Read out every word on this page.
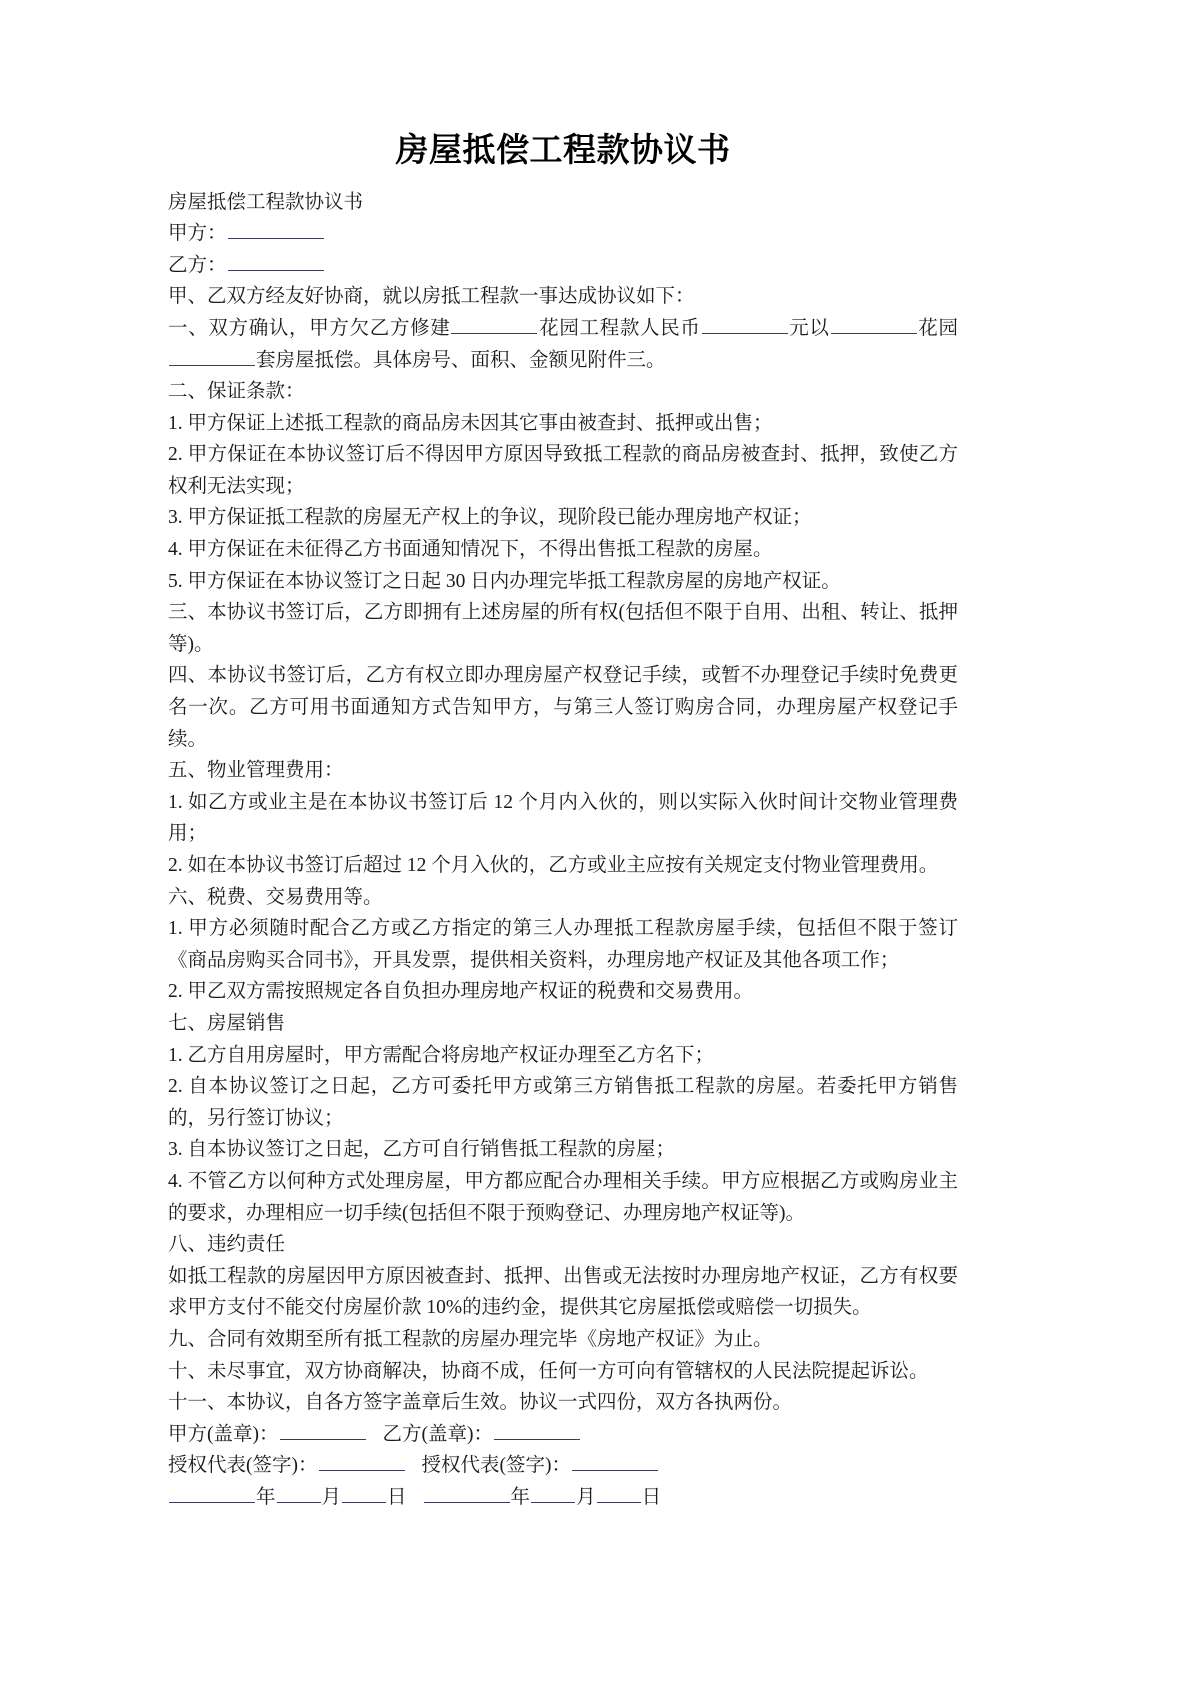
房屋抵偿工程款协议书

房屋抵偿工程款协议书

甲方：

乙方：

甲、乙双方经友好协商，就以房抵工程款一事达成协议如下：

一、双方确认，甲方欠乙方修建	花园工程款人民币	元以	花园套房屋抵偿。具体房号、面积、金额见附件三。

二、保证条款：

1. 甲方保证上述抵工程款的商品房未因其它事由被查封、抵押或出售；

2. 甲方保证在本协议签订后不得因甲方原因导致抵工程款的商品房被查封、抵押，致使乙方权利无法实现；

3. 甲方保证抵工程款的房屋无产权上的争议，现阶段已能办理房地产权证；

4. 甲方保证在未征得乙方书面通知情况下，不得出售抵工程款的房屋。

5. 甲方保证在本协议签订之日起 30 日内办理完毕抵工程款房屋的房地产权证。

三、本协议书签订后，乙方即拥有上述房屋的所有权(包括但不限于自用、出租、转让、抵押等)。

四、本协议书签订后，乙方有权立即办理房屋产权登记手续，或暂不办理登记手续时免费更名一次。乙方可用书面通知方式告知甲方，与第三人签订购房合同，办理房屋产权登记手续。

五、物业管理费用：

1. 如乙方或业主是在本协议书签订后 12 个月内入伙的，则以实际入伙时间计交物业管理费用；

2. 如在本协议书签订后超过 12 个月入伙的，乙方或业主应按有关规定支付物业管理费用。

六、税费、交易费用等。

1. 甲方必须随时配合乙方或乙方指定的第三人办理抵工程款房屋手续，包括但不限于签订《商品房购买合同书》，开具发票，提供相关资料，办理房地产权证及其他各项工作；

2. 甲乙双方需按照规定各自负担办理房地产权证的税费和交易费用。

七、房屋销售

1. 乙方自用房屋时，甲方需配合将房地产权证办理至乙方名下；

2. 自本协议签订之日起，乙方可委托甲方或第三方销售抵工程款的房屋。若委托甲方销售的，另行签订协议；

3. 自本协议签订之日起，乙方可自行销售抵工程款的房屋；

4. 不管乙方以何种方式处理房屋，甲方都应配合办理相关手续。甲方应根据乙方或购房业主的要求，办理相应一切手续(包括但不限于预购登记、办理房地产权证等)。

八、违约责任

如抵工程款的房屋因甲方原因被查封、抵押、出售或无法按时办理房地产权证，乙方有权要求甲方支付不能交付房屋价款 10%的违约金，提供其它房屋抵偿或赔偿一切损失。

九、合同有效期至所有抵工程款的房屋办理完毕《房地产权证》为止。

十、未尽事宜，双方协商解决，协商不成，任何一方可向有管辖权的人民法院提起诉讼。

十一、本协议，自各方签字盖章后生效。协议一式四份，双方各执两份。

甲方(盖章)：	乙方(盖章)：

授权代表(签字)：	授权代表(签字)：

年 月 日	年 月 日
